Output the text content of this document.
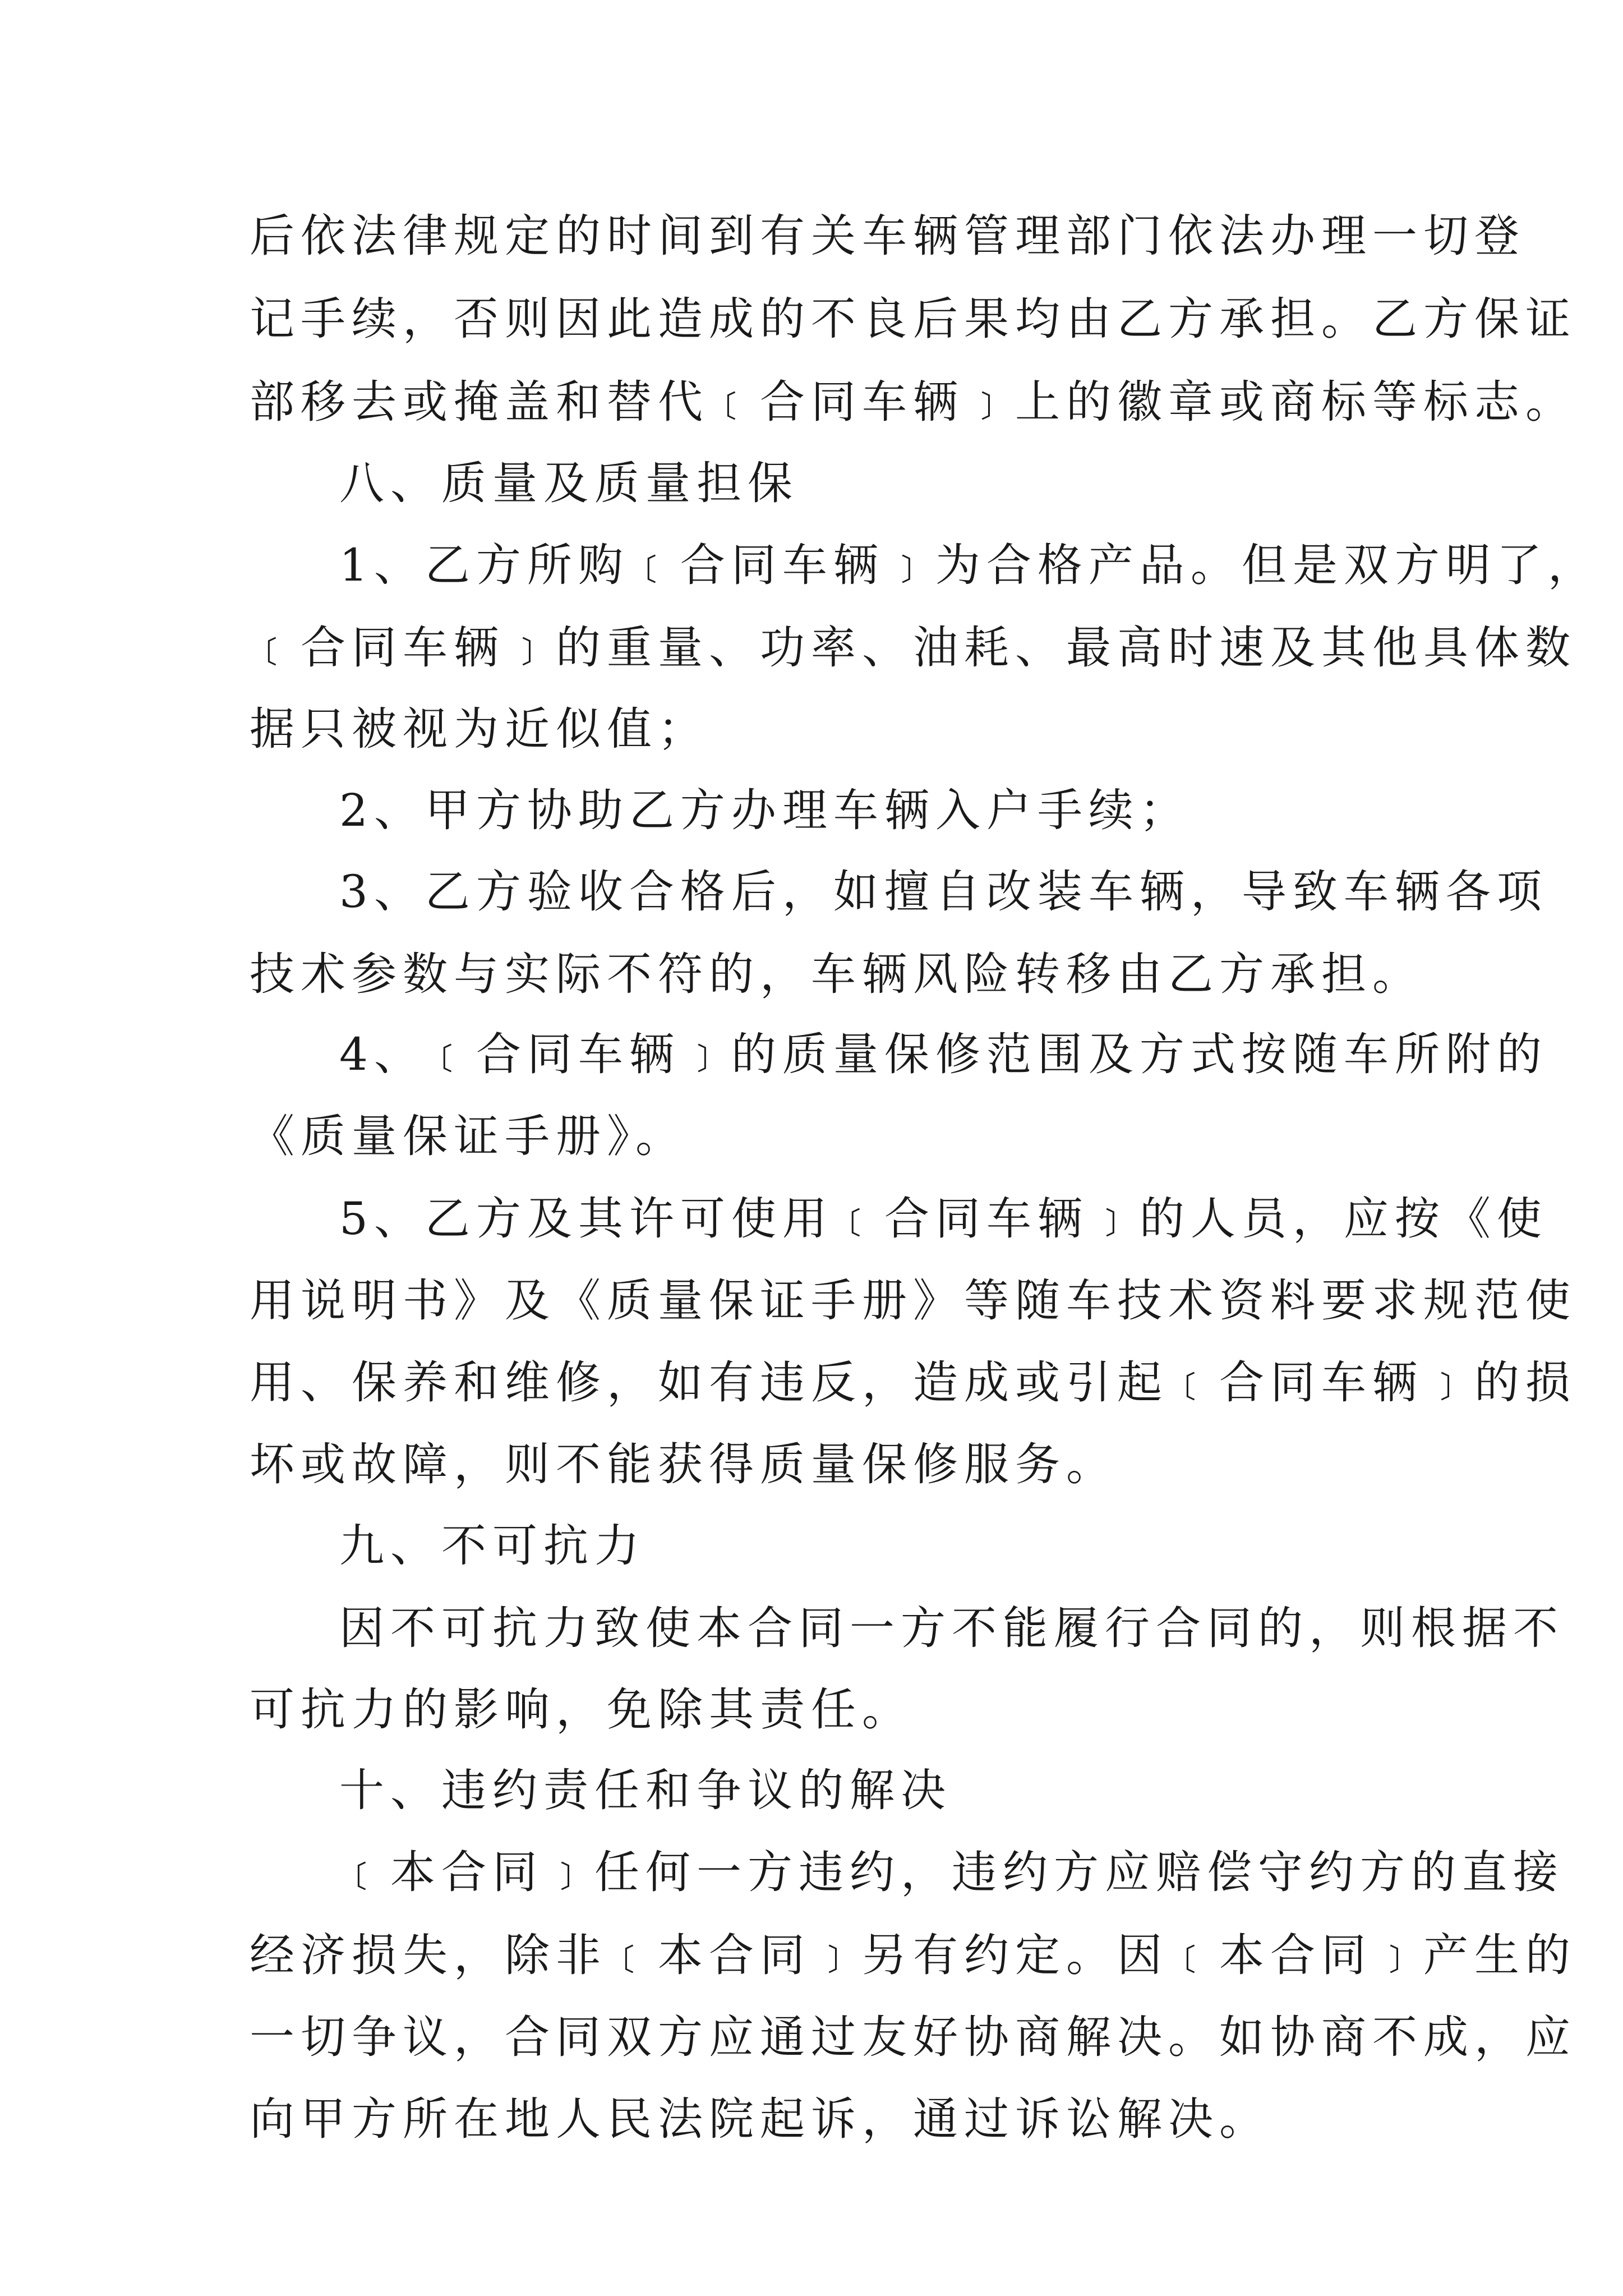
后依法律规定的时间到有关车辆管理部门依法办理一切登
记手续，否则因此造成的不良后果均由乙方承担。乙方保证
部移去或掩盖和替代﹝合同车辆﹞上的徽章或商标等标志。
八、质量及质量担保
1、乙方所购﹝合同车辆﹞为合格产品。但是双方明了，
﹝合同车辆﹞的重量、功率、油耗、最高时速及其他具体数
据只被视为近似值；
2、甲方协助乙方办理车辆入户手续；
3、乙方验收合格后，如擅自改装车辆，导致车辆各项
技术参数与实际不符的，车辆风险转移由乙方承担。
4、﹝合同车辆﹞的质量保修范围及方式按随车所附的
《质量保证手册》。
5、乙方及其许可使用﹝合同车辆﹞的人员，应按《使
用说明书》及《质量保证手册》等随车技术资料要求规范使
用、保养和维修，如有违反，造成或引起﹝合同车辆﹞的损
坏或故障，则不能获得质量保修服务。
九、不可抗力
因不可抗力致使本合同一方不能履行合同的，则根据不
可抗力的影响，免除其责任。
十、违约责任和争议的解决
﹝本合同﹞任何一方违约，违约方应赔偿守约方的直接
经济损失，除非﹝本合同﹞另有约定。因﹝本合同﹞产生的
一切争议，合同双方应通过友好协商解决。如协商不成，应
向甲方所在地人民法院起诉，通过诉讼解决。
